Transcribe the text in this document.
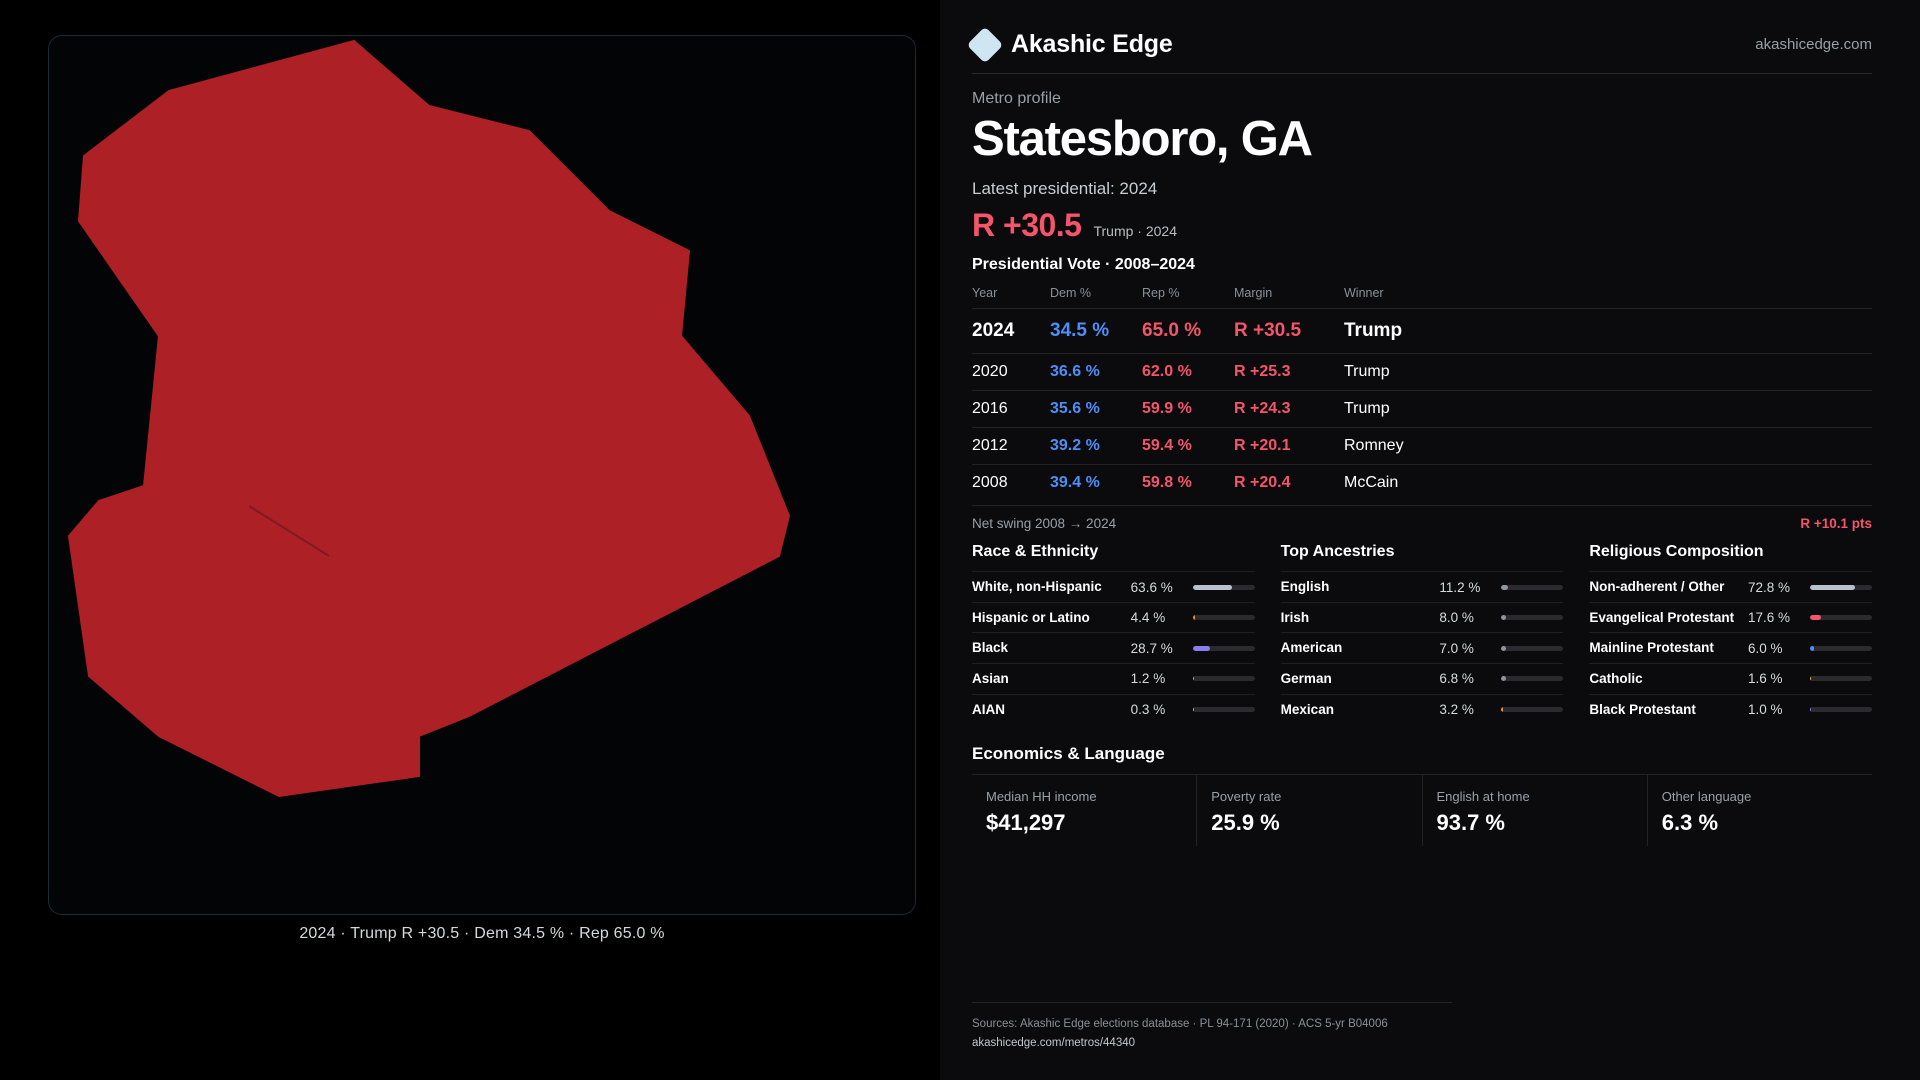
2024 · Trump R +30.5 · Dem 34.5 % · Rep 65.0 %
Akashic Edge	akashicedge.com
Metro profile
Statesboro, GA
Latest presidential: 2024
R +30.5 Trump · 2024
Presidential Vote · 2008–2024
Year	Dem %	Rep %	Margin	Winner
2024	34.5 %	65.0 %	R +30.5	Trump
2020	36.6 %	62.0 %	R +25.3	Trump
2016	35.6 %	59.9 %	R +24.3	Trump
2012	39.2 %	59.4 %	R +20.1	Romney
2008	39.4 %	59.8 %	R +20.4	McCain
Net swing 2008 → 2024	R +10.1 pts
Race & Ethnicity
White, non-Hispanic	63.6 %
Hispanic or Latino	4.4 %
Black	28.7 %
Asian	1.2 %
AIAN	0.3 %
Top Ancestries
English	11.2 %
Irish	8.0 %
American	7.0 %
German	6.8 %
Mexican	3.2 %
Religious Composition
Non-adherent / Other	72.8 %
Evangelical Protestant	17.6 %
Mainline Protestant	6.0 %
Catholic	1.6 %
Black Protestant	1.0 %
Economics & Language
Median HH income
$41,297
Poverty rate
25.9 %
English at home
93.7 %
Other language
6.3 %
Sources: Akashic Edge elections database · PL 94-171 (2020) · ACS 5-yr B04006
akashicedge.com/metros/44340
